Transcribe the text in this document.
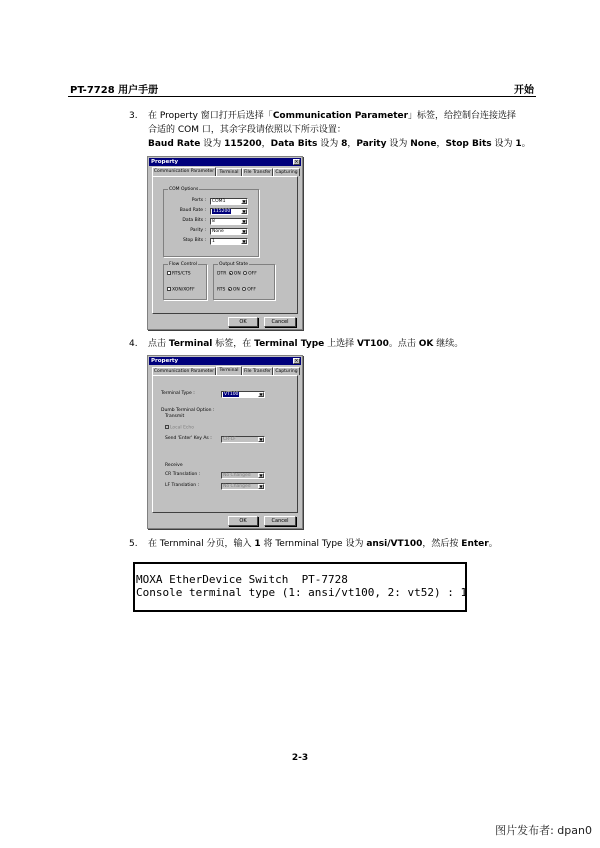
PT-7728 用户手册	开始
3.	在 Property 窗口打开后选择「Communication Parameter」标签，给控制台连接选择
合适的 COM 口，其余字段请依照以下所示设置：
Baud Rate 设为 115200，Data Bits 设为 8，Parity 设为 None，Stop Bits 设为 1。
Property	×
Communication Parameter	Terminal	File Transfer Capturing
COM Options
Ports :	COM1	▼
Baud Rate :	115200	▼
Data Bits :	8	▼
Parity :	None	▼
Stop Bits :	1	▼
Flow Control
RTS/CTS
XON/XOFF
Output State
DTR ON OFF
RTS ON OFF
OK	Cancel
4.	点击 Terminal 标签，在 Terminal Type 上选择 VT100。点击 OK 继续。
Property	×
Communication Parameter	Terminal	File Transfer Capturing
Terminal Type :	VT100	▼
Dumb Terminal Option :
Transmit
Local Echo
Send 'Enter' Key As :	CR-LF	▼
Receive
CR Translation :	No Changed	▼
LF Translation :	No Changed	▼
OK	Cancel
5.	在 Ternminal 分页，输入 1 将 Ternminal Type 设为 ansi/VT100，然后按 Enter。
MOXA EtherDevice Switch  PT-7728
Console terminal type (1: ansi/vt100, 2: vt52) : 1
2-3
图片发布者: dpan0
